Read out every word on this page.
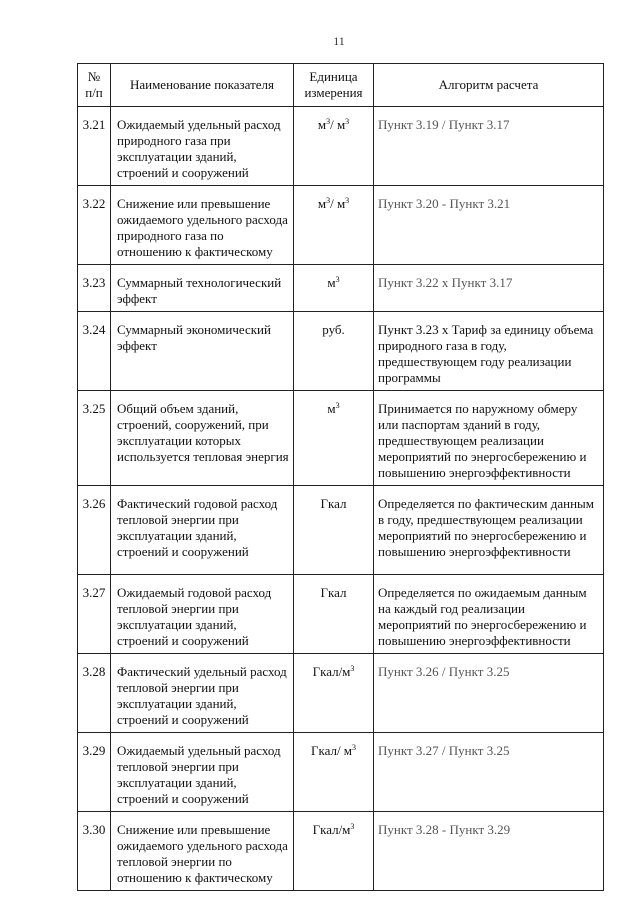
11
№ п/п	Наименование показателя	Единица измерения	Алгоритм расчета
3.21	Ожидаемый удельный расход природного газа при эксплуатации зданий, строений и сооружений	$м^3/$ $м^3$	Пункт 3.19 / Пункт 3.17
3.22	Снижение или превышение ожидаемого удельного расхода природного газа по отношению к фактическому	$м^3/$ $м^3$	Пункт 3.20 - Пункт 3.21
3.23	Суммарный технологический эффект	$м^3$	Пункт 3.22 х Пункт 3.17
3.24	Суммарный экономический эффект	руб.	Пункт 3.23 х Тариф за единицу объема природного газа в году, предшествующем году реализации программы
3.25	Общий объем зданий, строений, сооружений, при эксплуатации которых используется тепловая энергия	$м^3$	Принимается по наружному обмеру или паспортам зданий в году, предшествующем реализации мероприятий по энергосбережению и повышению энергоэффективности
3.26	Фактический годовой расход тепловой энергии при эксплуатации зданий, строений и сооружений	Гкал	Определяется по фактическим данным в году, предшествующем реализации мероприятий по энергосбережению и повышению энергоэффективности
3.27	Ожидаемый годовой расход тепловой энергии при эксплуатации зданий, строений и сооружений	Гкал	Определяется по ожидаемым данным на каждый год реализации мероприятий по энергосбережению и повышению энергоэффективности
3.28	Фактический удельный расход тепловой энергии при эксплуатации зданий, строений и сооружений	Гкал/$м^3$	Пункт 3.26 / Пункт 3.25
3.29	Ожидаемый удельный расход тепловой энергии при эксплуатации зданий, строений и сооружений	Гкал/ $м^3$	Пункт 3.27 / Пункт 3.25
3.30	Снижение или превышение ожидаемого удельного расхода тепловой энергии по отношению к фактическому	Гкал/$м^3$	Пункт 3.28 - Пункт 3.29
